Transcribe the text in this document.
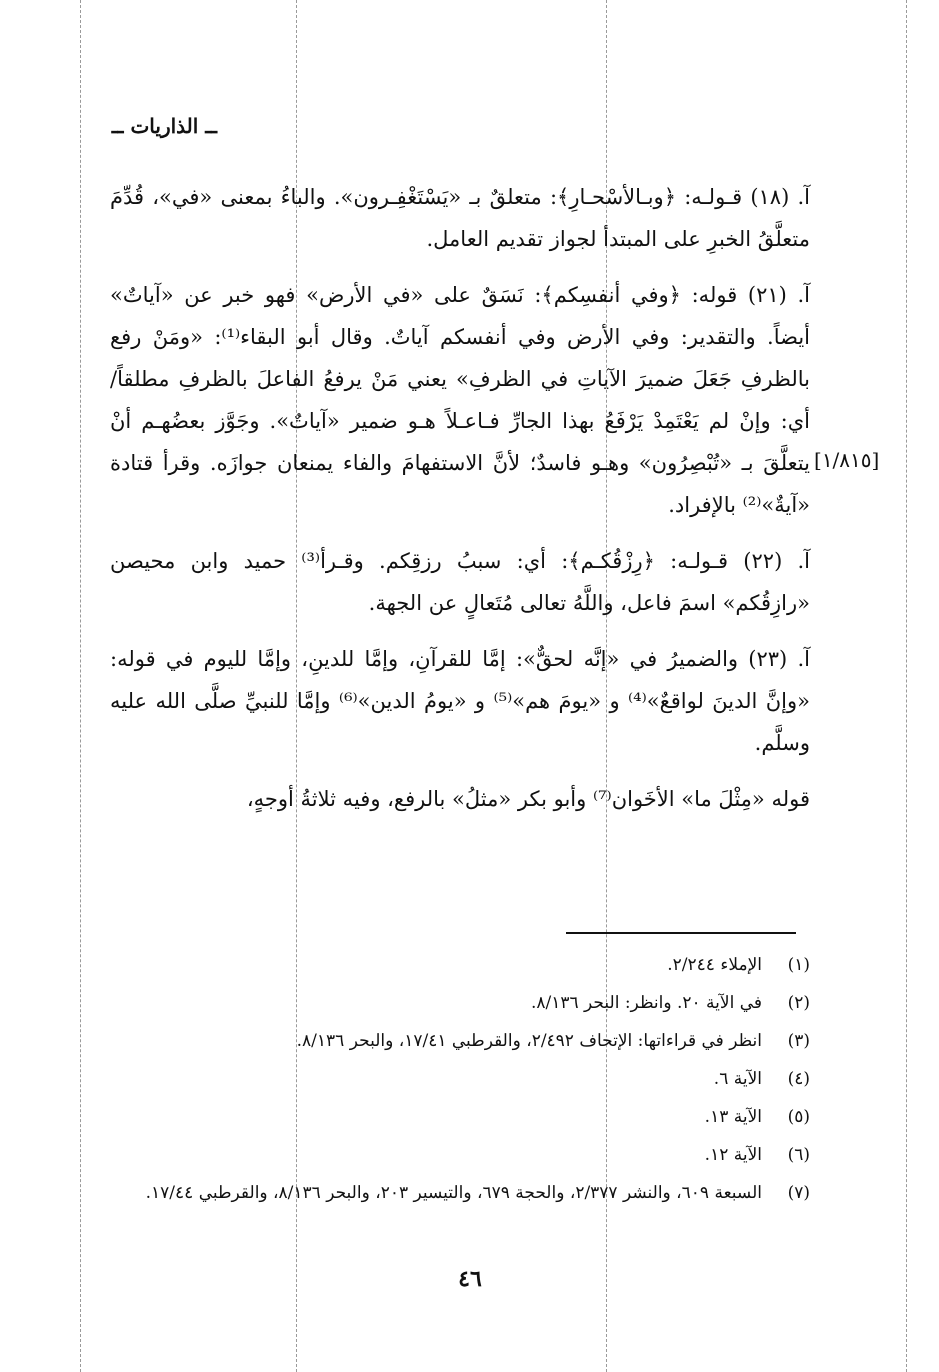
ــ الذاريات ــ
[١/٨١٥]

آ. (١٨) قـولـه: ﴿وبـالأسْحـارِ﴾: متعلقٌ بـ «يَسْتَغْفِـرون». والباءُ بمعنى «في»، قُدِّمَ متعلَّقُ الخبرِ على المبتدأ لجواز تقديم العامل.

آ. (٢١) قوله: ﴿وفي أنفسِكم﴾: نَسَقٌ على «في الأرض» فهو خبر عن «آياتٌ» أيضاً. والتقدير: وفي الأرض وفي أنفسكم آياتٌ. وقال أبو البقاء⁽¹⁾: «ومَنْ رفع بالظرفِ جَعَلَ ضميرَ الآياتِ في الظرفِ» يعني مَنْ يرفعُ الفاعلَ بالظرفِ مطلقاً/ أي: وإنْ لم يَعْتَمِدْ يَرْفَعُ بهذا الجارِّ فـاعـلاً هـو ضمير «آياتٌ». وجَوَّز بعضُهـم أنْ يتعلَّقَ بـ «تُبْصِرُون» وهـو فاسدٌ؛ لأنَّ الاستفهامَ والفاء يمنعان جوازَه. وقرأ قتادة «آيةٌ»⁽²⁾ بالإفراد.

آ. (٢٢) قـولـه: ﴿رِزْقُكـم﴾: أي: سببُ رزقِكم. وقـرأ⁽³⁾ حميد وابن محيصن «رازِقُكم» اسمَ فاعل، واللَّهُ تعالى مُتَعالٍ عن الجهة.

آ. (٢٣) والضميرُ في «إنَّه لحقٌّ»: إمَّا للقرآنِ، وإمَّا للدينِ، وإمَّا لليوم في قوله: «وإنَّ الدينَ لواقعٌ»⁽⁴⁾ و «يومَ هم»⁽⁵⁾ و «يومُ الدين»⁽⁶⁾ وإمَّا للنبيِّ صلَّى الله عليه وسلَّم.

قوله «مِثْلَ ما» الأخَوان⁽⁷⁾ وأبو بكر «مثلُ» بالرفع، وفيه ثلاثةُ أوجهٍ،

(١)
الإملاء ٢/٢٤٤.
(٢)
في الآية ٢٠. وانظر: البحر ٨/١٣٦.
(٣)
انظر في قراءاتها: الإتحاف ٢/٤٩٢، والقرطبي ١٧/٤١، والبحر ٨/١٣٦.
(٤)
الآية ٦.
(٥)
الآية ١٣.
(٦)
الآية ١٢.
(٧)
السبعة ٦٠٩، والنشر ٢/٣٧٧، والحجة ٦٧٩، والتيسير ٢٠٣، والبحر ٨/١٣٦، والقرطبي ١٧/٤٤.
٤٦
